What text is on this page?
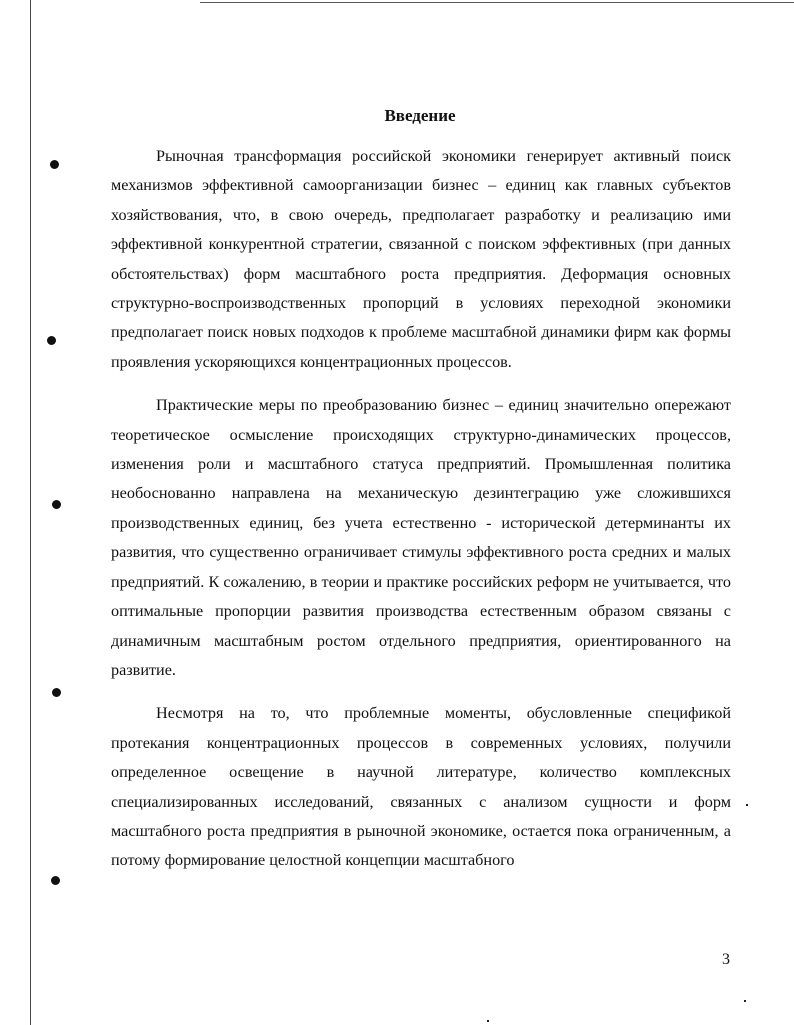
Введение

Рыночная трансформация российской экономики генерирует активный поиск механизмов эффективной самоорганизации бизнес – единиц как главных субъектов хозяйствования, что, в свою очередь, предполагает разработку и реализацию ими эффективной конкурентной стратегии, связанной с поиском эффективных (при данных обстоятельствах) форм масштабного роста предприятия. Деформация основных структурно-воспроизводственных пропорций в условиях переходной экономики предполагает поиск новых подходов к проблеме масштабной динамики фирм как формы проявления ускоряющихся концентрационных процессов.

Практические меры по преобразованию бизнес – единиц значительно опережают теоретическое осмысление происходящих структурно-динамических процессов, изменения роли и масштабного статуса предприятий. Промышленная политика необоснованно направлена на механическую дезинтеграцию уже сложившихся производственных единиц, без учета естественно - исторической детерминанты их развития, что существенно ограничивает стимулы эффективного роста средних и малых предприятий. К сожалению, в теории и практике российских реформ не учитывается, что оптимальные пропорции развития производства естественным образом связаны с динамичным масштабным ростом отдельного предприятия, ориентированного на развитие.

Несмотря на то, что проблемные моменты, обусловленные спецификой протекания концентрационных процессов в современных условиях, получили определенное освещение в научной литературе, количество комплексных специализированных исследований, связанных с анализом сущности и форм масштабного роста предприятия в рыночной экономике, остается пока ограниченным, а потому формирование целостной концепции масштабного

3
